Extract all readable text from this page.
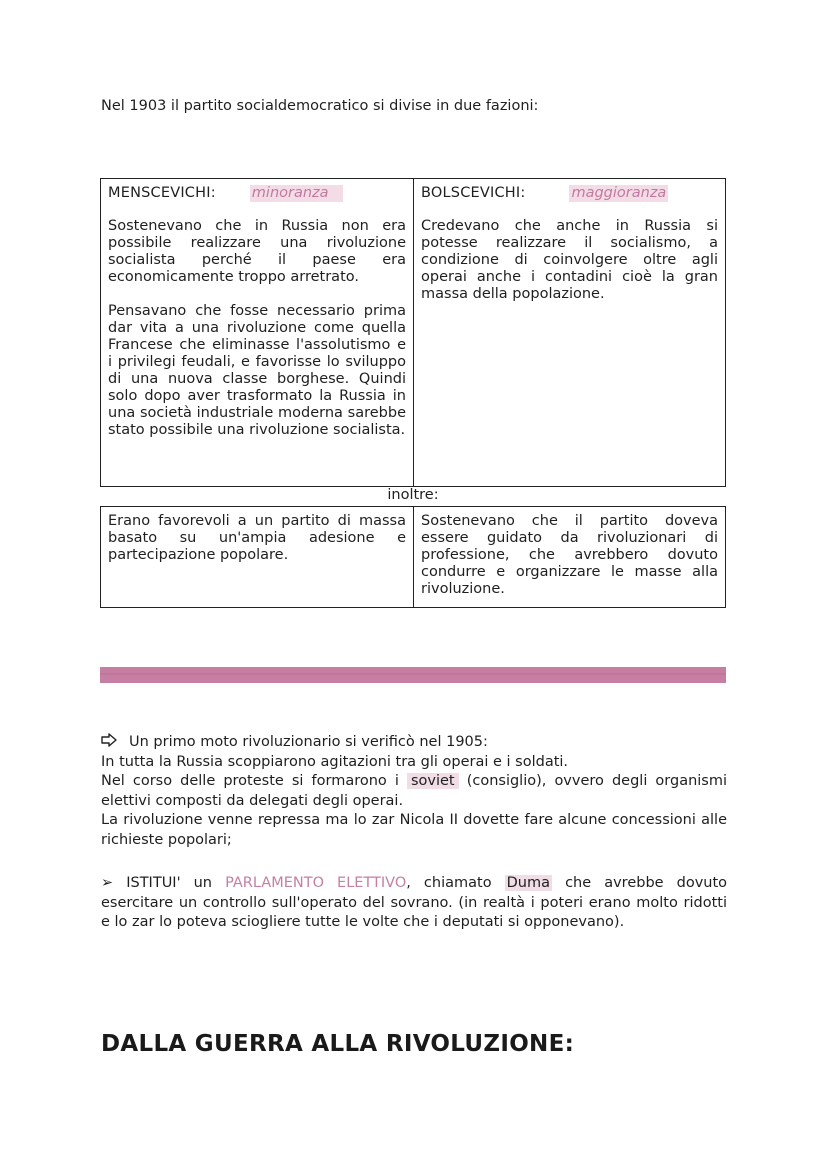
Nel 1903 il partito socialdemocratico si divise in due fazioni:
MENSCEVICHI: minoranza

Sostenevano che in Russia non era possibile realizzare una rivoluzione socialista perché il paese era economicamente troppo arretrato.

Pensavano che fosse necessario prima dar vita a una rivoluzione come quella Francese che eliminasse l'assolutismo e i privilegi feudali, e favorisse lo sviluppo di una nuova classe borghese. Quindi solo dopo aver trasformato la Russia in una società industriale moderna sarebbe stato possibile una rivoluzione socialista.

BOLSCEVICHI:	maggioranza

Credevano che anche in Russia si potesse realizzare il socialismo, a condizione di coinvolgere oltre agli operai anche i contadini cioè la gran massa della popolazione.

inoltre:
Erano favorevoli a un partito di massa basato su un'ampia adesione e partecipazione popolare.
Sostenevano che il partito doveva essere guidato da rivoluzionari di professione, che avrebbero dovuto condurre e organizzare le masse alla rivoluzione.
Un primo moto rivoluzionario si verificò nel 1905:

In tutta la Russia scoppiarono agitazioni tra gli operai e i soldati.

Nel corso delle proteste si formarono i soviet (consiglio), ovvero degli organismi elettivi composti da delegati degli operai.

La rivoluzione venne repressa ma lo zar Nicola II dovette fare alcune concessioni alle richieste popolari;

➢ ISTITUI' un PARLAMENTO ELETTIVO, chiamato Duma che avrebbe dovuto esercitare un controllo sull'operato del sovrano. (in realtà i poteri erano molto ridotti e lo zar lo poteva sciogliere tutte le volte che i deputati si opponevano).

DALLA GUERRA ALLA RIVOLUZIONE:
